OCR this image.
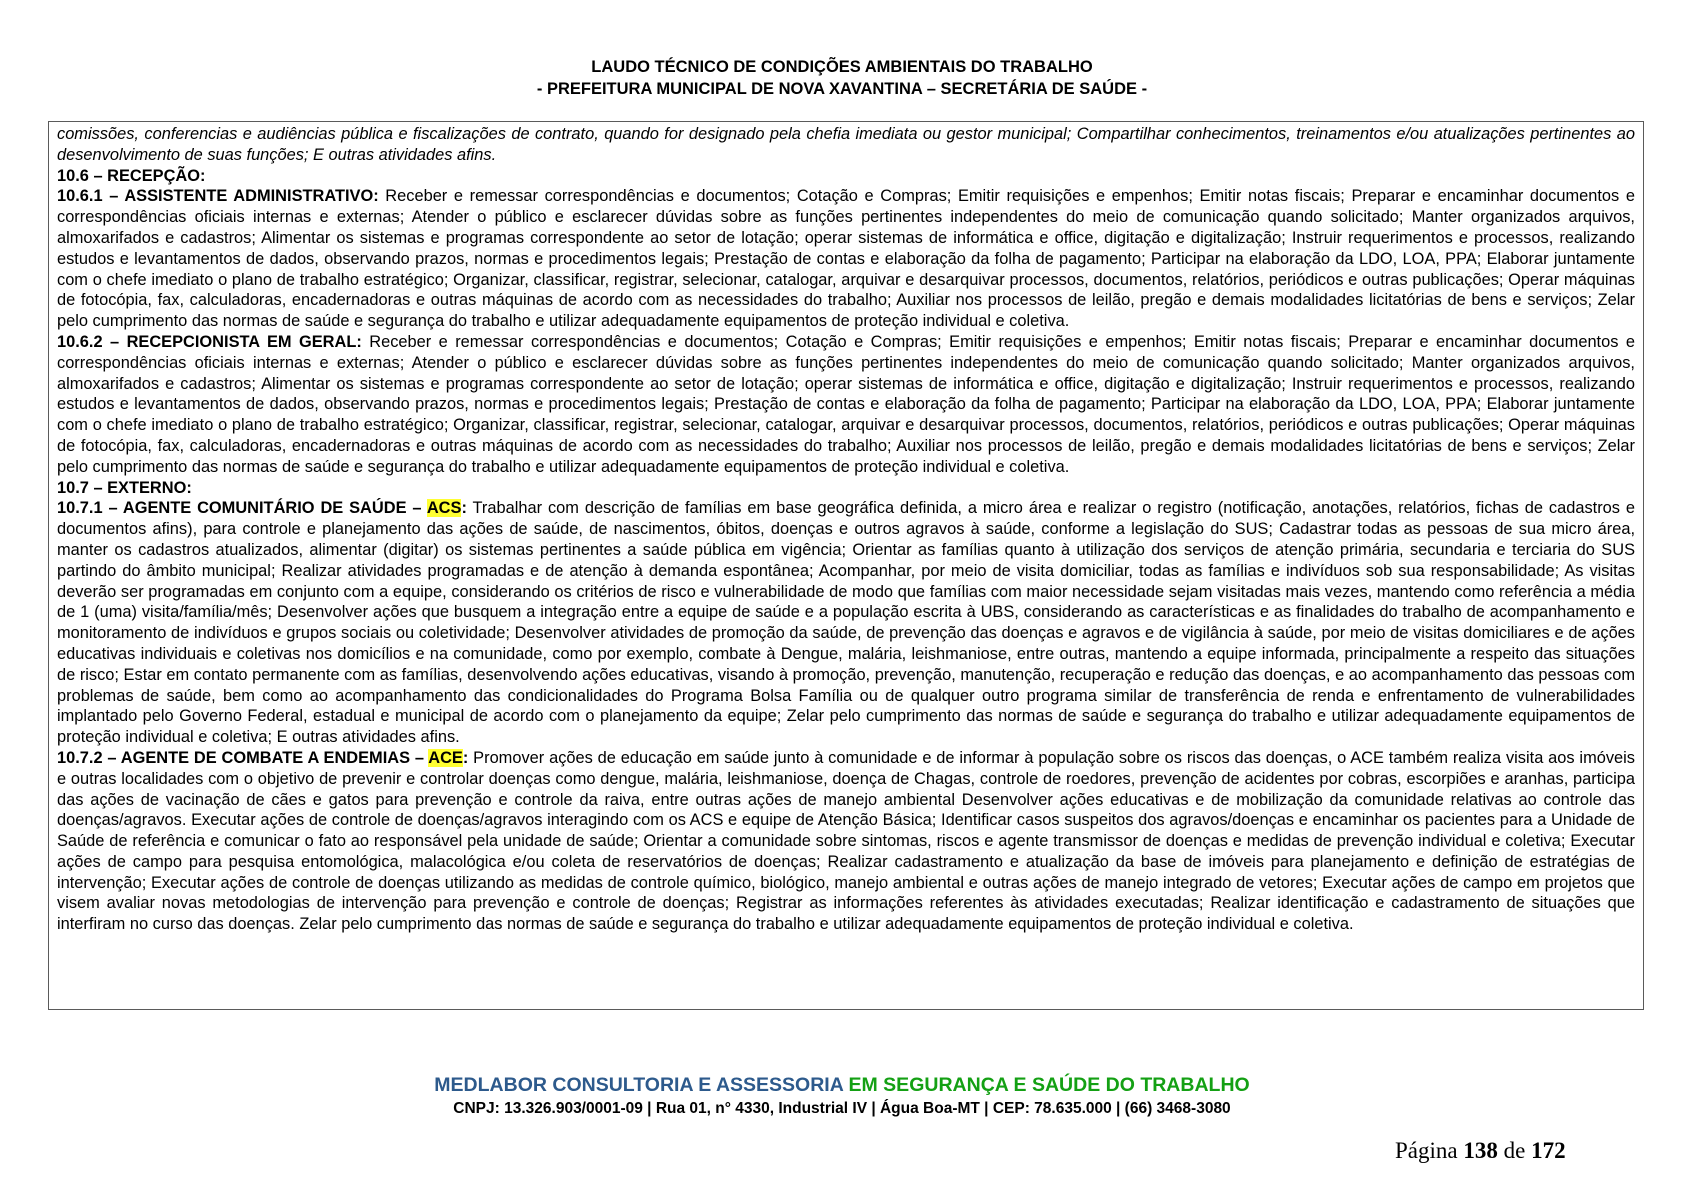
LAUDO TÉCNICO DE CONDIÇÕES AMBIENTAIS DO TRABALHO
- PREFEITURA MUNICIPAL DE NOVA XAVANTINA – SECRETÁRIA DE SAÚDE -

comissões, conferencias e audiências pública e fiscalizações de contrato, quando for designado pela chefia imediata ou gestor municipal; Compartilhar conhecimentos, treinamentos e/ou atualizações pertinentes ao desenvolvimento de suas funções; E outras atividades afins.

10.6 – RECEPÇÃO:

10.6.1 – ASSISTENTE ADMINISTRATIVO: Receber e remessar correspondências e documentos; Cotação e Compras; Emitir requisições e empenhos; Emitir notas fiscais; Preparar e encaminhar documentos e correspondências oficiais internas e externas; Atender o público e esclarecer dúvidas sobre as funções pertinentes independentes do meio de comunicação quando solicitado; Manter organizados arquivos, almoxarifados e cadastros; Alimentar os sistemas e programas correspondente ao setor de lotação; operar sistemas de informática e office, digitação e digitalização; Instruir requerimentos e processos, realizando estudos e levantamentos de dados, observando prazos, normas e procedimentos legais; Prestação de contas e elaboração da folha de pagamento; Participar na elaboração da LDO, LOA, PPA; Elaborar juntamente com o chefe imediato o plano de trabalho estratégico; Organizar, classificar, registrar, selecionar, catalogar, arquivar e desarquivar processos, documentos, relatórios, periódicos e outras publicações; Operar máquinas de fotocópia, fax, calculadoras, encadernadoras e outras máquinas de acordo com as necessidades do trabalho; Auxiliar nos processos de leilão, pregão e demais modalidades licitatórias de bens e serviços; Zelar pelo cumprimento das normas de saúde e segurança do trabalho e utilizar adequadamente equipamentos de proteção individual e coletiva.

10.6.2 – RECEPCIONISTA EM GERAL: Receber e remessar correspondências e documentos; Cotação e Compras; Emitir requisições e empenhos; Emitir notas fiscais; Preparar e encaminhar documentos e correspondências oficiais internas e externas; Atender o público e esclarecer dúvidas sobre as funções pertinentes independentes do meio de comunicação quando solicitado; Manter organizados arquivos, almoxarifados e cadastros; Alimentar os sistemas e programas correspondente ao setor de lotação; operar sistemas de informática e office, digitação e digitalização; Instruir requerimentos e processos, realizando estudos e levantamentos de dados, observando prazos, normas e procedimentos legais; Prestação de contas e elaboração da folha de pagamento; Participar na elaboração da LDO, LOA, PPA; Elaborar juntamente com o chefe imediato o plano de trabalho estratégico; Organizar, classificar, registrar, selecionar, catalogar, arquivar e desarquivar processos, documentos, relatórios, periódicos e outras publicações; Operar máquinas de fotocópia, fax, calculadoras, encadernadoras e outras máquinas de acordo com as necessidades do trabalho; Auxiliar nos processos de leilão, pregão e demais modalidades licitatórias de bens e serviços; Zelar pelo cumprimento das normas de saúde e segurança do trabalho e utilizar adequadamente equipamentos de proteção individual e coletiva.

10.7 – EXTERNO:

10.7.1 – AGENTE COMUNITÁRIO DE SAÚDE – ACS: Trabalhar com descrição de famílias em base geográfica definida, a micro área e realizar o registro (notificação, anotações, relatórios, fichas de cadastros e documentos afins), para controle e planejamento das ações de saúde, de nascimentos, óbitos, doenças e outros agravos à saúde, conforme a legislação do SUS; Cadastrar todas as pessoas de sua micro área, manter os cadastros atualizados, alimentar (digitar) os sistemas pertinentes a saúde pública em vigência; Orientar as famílias quanto à utilização dos serviços de atenção primária, secundaria e terciaria do SUS partindo do âmbito municipal; Realizar atividades programadas e de atenção à demanda espontânea; Acompanhar, por meio de visita domiciliar, todas as famílias e indivíduos sob sua responsabilidade; As visitas deverão ser programadas em conjunto com a equipe, considerando os critérios de risco e vulnerabilidade de modo que famílias com maior necessidade sejam visitadas mais vezes, mantendo como referência a média de 1 (uma) visita/família/mês; Desenvolver ações que busquem a integração entre a equipe de saúde e a população escrita à UBS, considerando as características e as finalidades do trabalho de acompanhamento e monitoramento de indivíduos e grupos sociais ou coletividade; Desenvolver atividades de promoção da saúde, de prevenção das doenças e agravos e de vigilância à saúde, por meio de visitas domiciliares e de ações educativas individuais e coletivas nos domicílios e na comunidade, como por exemplo, combate à Dengue, malária, leishmaniose, entre outras, mantendo a equipe informada, principalmente a respeito das situações de risco; Estar em contato permanente com as famílias, desenvolvendo ações educativas, visando à promoção, prevenção, manutenção, recuperação e redução das doenças, e ao acompanhamento das pessoas com problemas de saúde, bem como ao acompanhamento das condicionalidades do Programa Bolsa Família ou de qualquer outro programa similar de transferência de renda e enfrentamento de vulnerabilidades implantado pelo Governo Federal, estadual e municipal de acordo com o planejamento da equipe; Zelar pelo cumprimento das normas de saúde e segurança do trabalho e utilizar adequadamente equipamentos de proteção individual e coletiva; E outras atividades afins.

10.7.2 – AGENTE DE COMBATE A ENDEMIAS – ACE: Promover ações de educação em saúde junto à comunidade e de informar à população sobre os riscos das doenças, o ACE também realiza visita aos imóveis e outras localidades com o objetivo de prevenir e controlar doenças como dengue, malária, leishmaniose, doença de Chagas, controle de roedores, prevenção de acidentes por cobras, escorpiões e aranhas, participa das ações de vacinação de cães e gatos para prevenção e controle da raiva, entre outras ações de manejo ambiental Desenvolver ações educativas e de mobilização da comunidade relativas ao controle das doenças/agravos. Executar ações de controle de doenças/agravos interagindo com os ACS e equipe de Atenção Básica; Identificar casos suspeitos dos agravos/doenças e encaminhar os pacientes para a Unidade de Saúde de referência e comunicar o fato ao responsável pela unidade de saúde; Orientar a comunidade sobre sintomas, riscos e agente transmissor de doenças e medidas de prevenção individual e coletiva; Executar ações de campo para pesquisa entomológica, malacológica e/ou coleta de reservatórios de doenças; Realizar cadastramento e atualização da base de imóveis para planejamento e definição de estratégias de intervenção; Executar ações de controle de doenças utilizando as medidas de controle químico, biológico, manejo ambiental e outras ações de manejo integrado de vetores; Executar ações de campo em projetos que visem avaliar novas metodologias de intervenção para prevenção e controle de doenças; Registrar as informações referentes às atividades executadas; Realizar identificação e cadastramento de situações que interfiram no curso das doenças. Zelar pelo cumprimento das normas de saúde e segurança do trabalho e utilizar adequadamente equipamentos de proteção individual e coletiva.

MEDLABOR CONSULTORIA E ASSESSORIA EM SEGURANÇA E SAÚDE DO TRABALHO
CNPJ: 13.326.903/0001-09 | Rua 01, n° 4330, Industrial IV | Água Boa-MT | CEP: 78.635.000 | (66) 3468-3080
Página 138 de 172
